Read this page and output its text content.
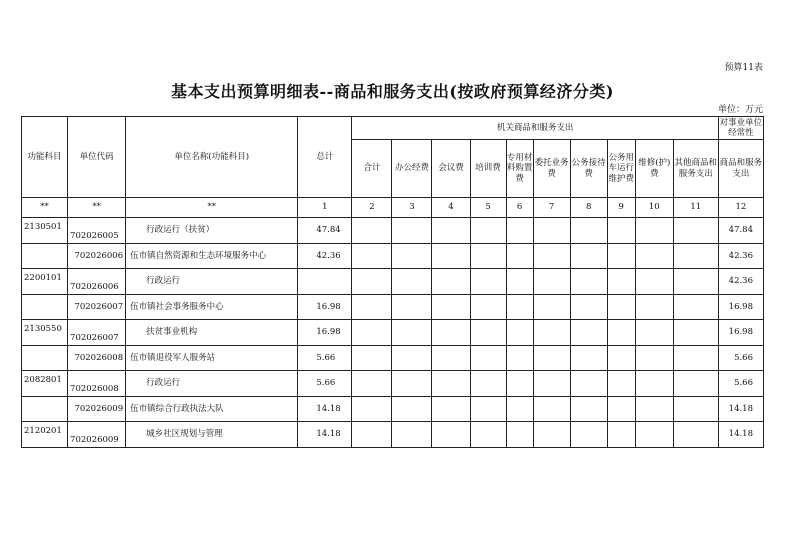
预算11表
基本支出预算明细表--商品和服务支出(按政府预算经济分类)
单位：万元
功能科目	单位代码	单位名称(功能科目)	总计	机关商品和服务支出										对事业单位经常性
				合计	办公经费	会议费	培训费	专用材料购置费	委托业务费	公务接待费	公务用车运行维护费	维修(护)费	其他商品和服务支出	商品和服务支出
**	**	**	1	2	3	4	5	6	7	8	9	10	11	12
2130501	702026005	行政运行（扶贫）	47.84											47.84
	702026006	伍市镇自然资源和生态环境服务中心	42.36											42.36
2200101	702026006	行政运行												42.36
	702026007	伍市镇社会事务服务中心	16.98											16.98
2130550	702026007	扶贫事业机构	16.98											16.98
	702026008	伍市镇退役军人服务站	5.66											5.66
2082801	702026008	行政运行	5.66											5.66
	702026009	伍市镇综合行政执法大队	14.18											14.18
2120201	702026009	城乡社区规划与管理	14.18											14.18
